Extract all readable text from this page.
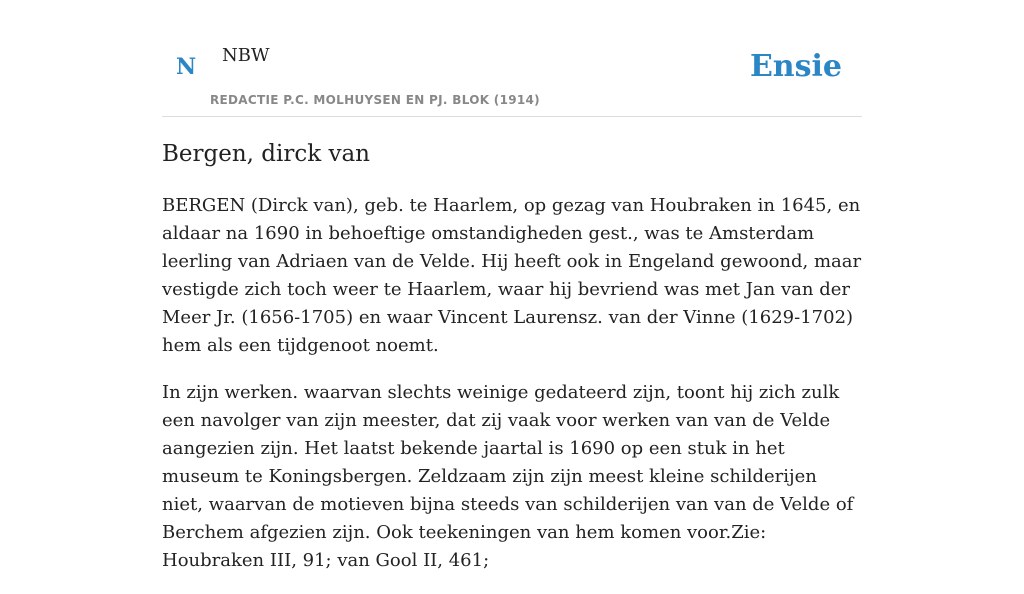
N NBW
REDACTIE P.C. MOLHUYSEN EN PJ. BLOK (1914)
Ensie
Bergen, dirck van

BERGEN (Dirck van), geb. te Haarlem, op gezag van Houbraken in 1645, en aldaar na 1690 in behoeftige omstandigheden gest., was te Amsterdam leerling van Adriaen van de Velde. Hij heeft ook in Engeland gewoond, maar vestigde zich toch weer te Haarlem, waar hij bevriend was met Jan van der Meer Jr. (1656-1705) en waar Vincent Laurensz. van der Vinne (1629-1702) hem als een tijdgenoot noemt.

In zijn werken. waarvan slechts weinige gedateerd zijn, toont hij zich zulk een navolger van zijn meester, dat zij vaak voor werken van van de Velde aangezien zijn. Het laatst bekende jaartal is 1690 op een stuk in het museum te Koningsbergen. Zeldzaam zijn zijn meest kleine schilderijen niet, waarvan de motieven bijna steeds van schilderijen van van de Velde of Berchem afgezien zijn. Ook teekeningen van hem komen voor.Zie: Houbraken III, 91; van Gool II, 461;
